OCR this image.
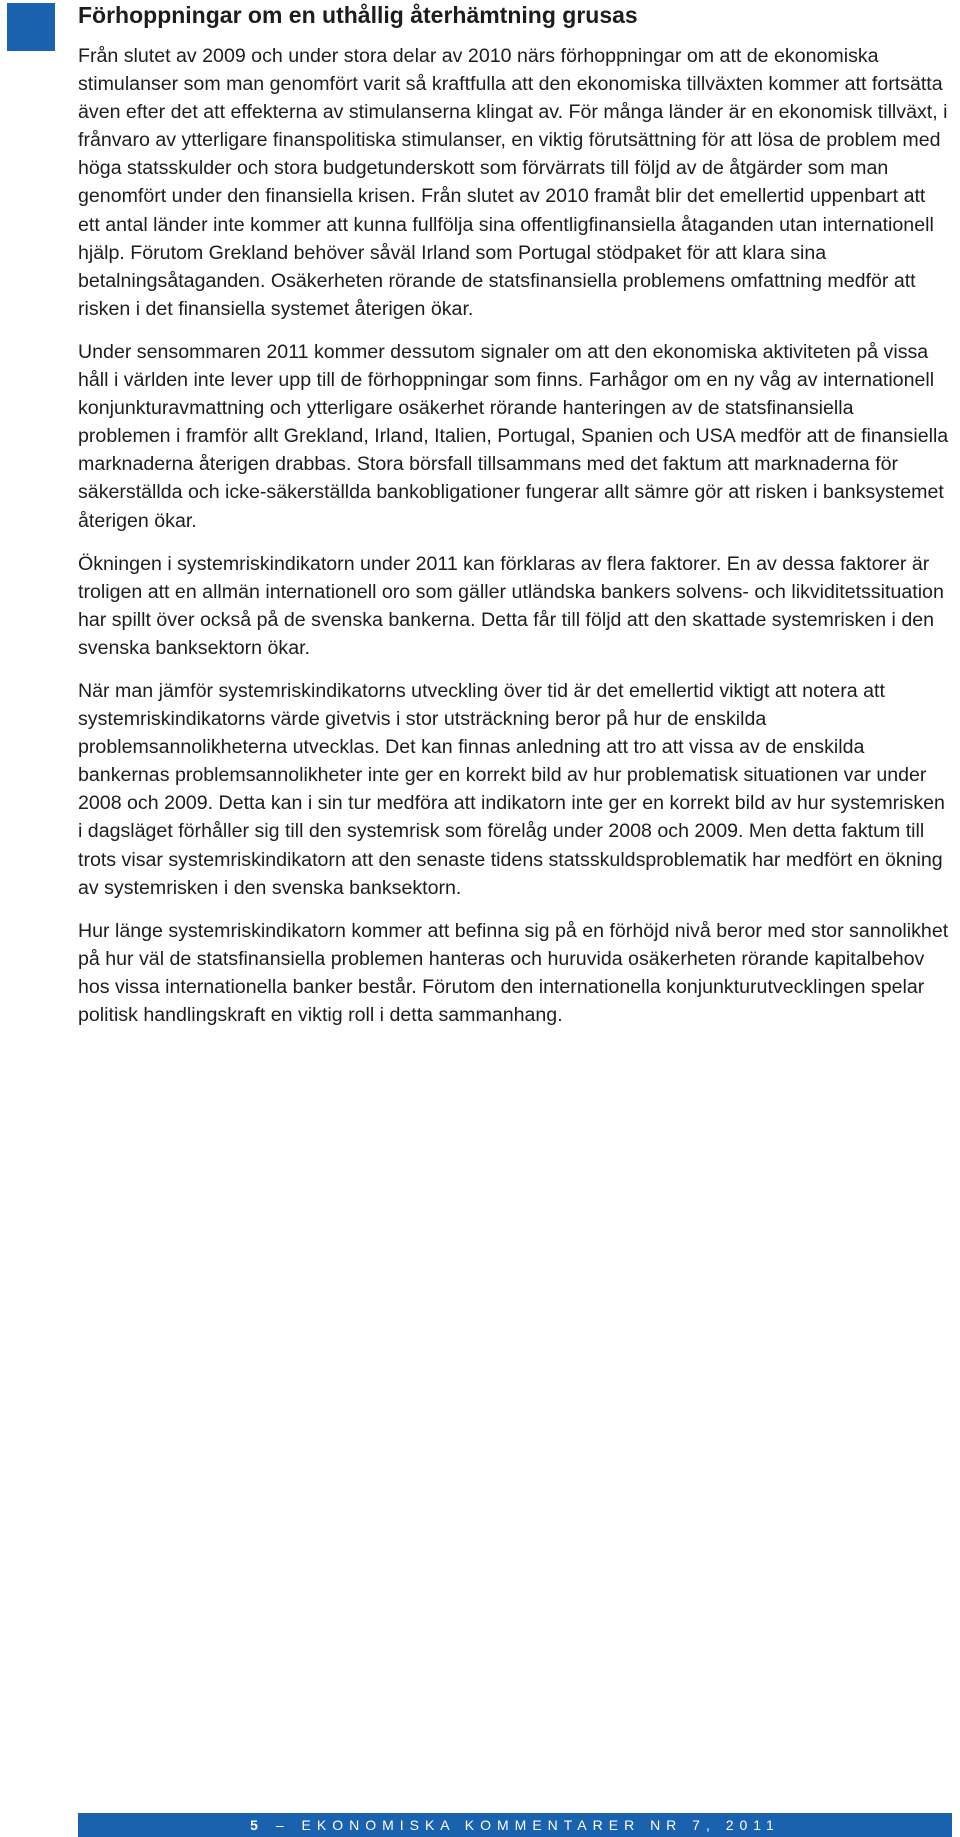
Förhoppningar om en uthållig återhämtning grusas

Från slutet av 2009 och under stora delar av 2010 närs förhoppningar om att de ekonomiska stimulanser som man genomfört varit så kraftfulla att den ekonomiska tillväxten kommer att fortsätta även efter det att effekterna av stimulanserna klingat av. För många länder är en ekonomisk tillväxt, i frånvaro av ytterligare finanspolitiska stimulanser, en viktig förutsättning för att lösa de problem med höga statsskulder och stora budgetunderskott som förvärrats till följd av de åtgärder som man genomfört under den finansiella krisen. Från slutet av 2010 framåt blir det emellertid uppenbart att ett antal länder inte kommer att kunna fullfölja sina offentligfinansiella åtaganden utan internationell hjälp. Förutom Grekland behöver såväl Irland som Portugal stödpaket för att klara sina betalningsåtaganden. Osäkerheten rörande de statsfinansiella problemens omfattning medför att risken i det finansiella systemet återigen ökar.

Under sensommaren 2011 kommer dessutom signaler om att den ekonomiska aktiviteten på vissa håll i världen inte lever upp till de förhoppningar som finns. Farhågor om en ny våg av internationell konjunkturavmattning och ytterligare osäkerhet rörande hanteringen av de statsfinansiella problemen i framför allt Grekland, Irland, Italien, Portugal, Spanien och USA medför att de finansiella marknaderna återigen drabbas. Stora börsfall tillsammans med det faktum att marknaderna för säkerställda och icke-säkerställda bankobligationer fungerar allt sämre gör att risken i banksystemet återigen ökar.

Ökningen i systemriskindikatorn under 2011 kan förklaras av flera faktorer. En av dessa faktorer är troligen att en allmän internationell oro som gäller utländska bankers solvens- och likviditetssituation har spillt över också på de svenska bankerna. Detta får till följd att den skattade systemrisken i den svenska banksektorn ökar.

När man jämför systemriskindikatorns utveckling över tid är det emellertid viktigt att notera att systemriskindikatorns värde givetvis i stor utsträckning beror på hur de enskilda problemsannolikheterna utvecklas. Det kan finnas anledning att tro att vissa av de enskilda bankernas problemsannolikheter inte ger en korrekt bild av hur problematisk situationen var under 2008 och 2009. Detta kan i sin tur medföra att indikatorn inte ger en korrekt bild av hur systemrisken i dagsläget förhåller sig till den systemrisk som förelåg under 2008 och 2009. Men detta faktum till trots visar systemriskindikatorn att den senaste tidens statsskuldsproblematik har medfört en ökning av systemrisken i den svenska banksektorn.

Hur länge systemriskindikatorn kommer att befinna sig på en förhöjd nivå beror med stor sannolikhet på hur väl de statsfinansiella problemen hanteras och huruvida osäkerheten rörande kapitalbehov hos vissa internationella banker består. Förutom den internationella konjunkturutvecklingen spelar politisk handlingskraft en viktig roll i detta sammanhang.

5 – EKONOMISKA KOMMENTARER NR 7, 2011
